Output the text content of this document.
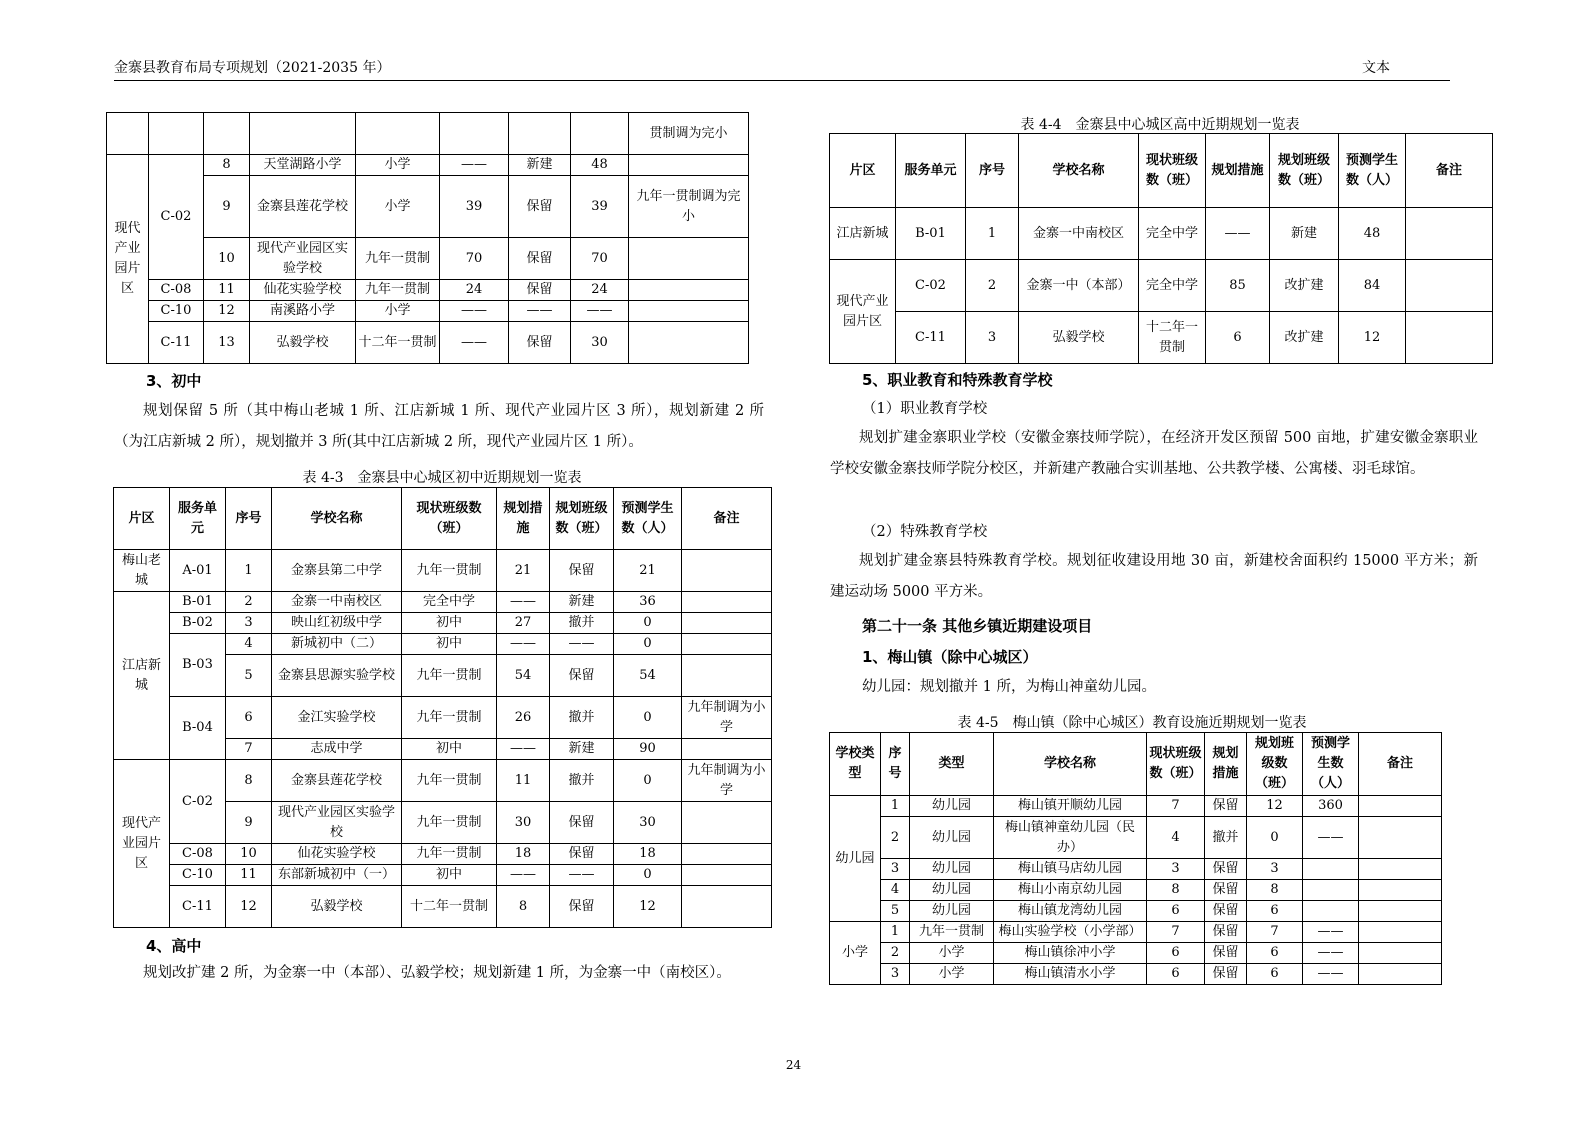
金寨县教育布局专项规划（2021-2035 年）	文本
								贯制调为完小
现代产业园片区	C-02	8	天堂湖路小学	小学	——	新建	48	
		9	金寨县莲花学校	小学	39	保留	39	九年一贯制调为完小
		10	现代产业园区实验学校	九年一贯制	70	保留	70	
	C-08	11	仙花实验学校	九年一贯制	24	保留	24	
	C-10	12	南溪路小学	小学	——	——	——	
	C-11	13	弘毅学校	十二年一贯制	——	保留	30	
3、初中
规划保留 5 所（其中梅山老城 1 所、江店新城 1 所、现代产业园片区 3 所），规划新建 2 所（为江店新城 2 所），规划撤并 3 所(其中江店新城 2 所，现代产业园片区 1 所）。
表 4-3　金寨县中心城区初中近期规划一览表
片区	服务单元	序号	学校名称	现状班级数（班）	规划措施	规划班级数（班）	预测学生数（人）	备注
梅山老城	A-01	1	金寨县第二中学	九年一贯制	21	保留	21	
江店新城	B-01	2	金寨一中南校区	完全中学	——	新建	36	
	B-02	3	映山红初级中学	初中	27	撤并	0	
	B-03	4	新城初中（二）	初中	——	——	0	
		5	金寨县思源实验学校	九年一贯制	54	保留	54	
	B-04	6	金江实验学校	九年一贯制	26	撤并	0	九年制调为小学
		7	志成中学	初中	——	新建	90	
现代产业园片区	C-02	8	金寨县莲花学校	九年一贯制	11	撤并	0	九年制调为小学
		9	现代产业园区实验学校	九年一贯制	30	保留	30	
	C-08	10	仙花实验学校	九年一贯制	18	保留	18	
	C-10	11	东部新城初中（一）	初中	——	——	0	
	C-11	12	弘毅学校	十二年一贯制	8	保留	12	
4、高中
规划改扩建 2 所，为金寨一中（本部）、弘毅学校；规划新建 1 所，为金寨一中（南校区）。
表 4-4　金寨县中心城区高中近期规划一览表
片区	服务单元	序号	学校名称	现状班级数（班）	规划措施	规划班级数（班）	预测学生数（人）	备注
江店新城	B-01	1	金寨一中南校区	完全中学	——	新建	48	
现代产业园片区	C-02	2	金寨一中（本部）	完全中学	85	改扩建	84	
	C-11	3	弘毅学校	十二年一贯制	6	改扩建	12	
5、职业教育和特殊教育学校
（1）职业教育学校
规划扩建金寨职业学校（安徽金寨技师学院），在经济开发区预留 500 亩地，扩建安徽金寨职业学校安徽金寨技师学院分校区，并新建产教融合实训基地、公共教学楼、公寓楼、羽毛球馆。
（2）特殊教育学校
规划扩建金寨县特殊教育学校。规划征收建设用地 30 亩，新建校舍面积约 15000 平方米；新建运动场 5000 平方米。
第二十一条 其他乡镇近期建设项目
1、梅山镇（除中心城区）
幼儿园：规划撤并 1 所，为梅山神童幼儿园。
表 4-5　梅山镇（除中心城区）教育设施近期规划一览表
学校类型	序号	类型	学校名称	现状班级数（班）	规划措施	规划班级数（班）	预测学生数（人）	备注
幼儿园	1	幼儿园	梅山镇开顺幼儿园	7	保留	12	360	
	2	幼儿园	梅山镇神童幼儿园（民办）	4	撤并	0	——	
	3	幼儿园	梅山镇马店幼儿园	3	保留	3		
	4	幼儿园	梅山小南京幼儿园	8	保留	8		
	5	幼儿园	梅山镇龙湾幼儿园	6	保留	6		
小学	1	九年一贯制	梅山实验学校（小学部）	7	保留	7	——	
	2	小学	梅山镇徐冲小学	6	保留	6	——	
	3	小学	梅山镇清水小学	6	保留	6	——	
24
